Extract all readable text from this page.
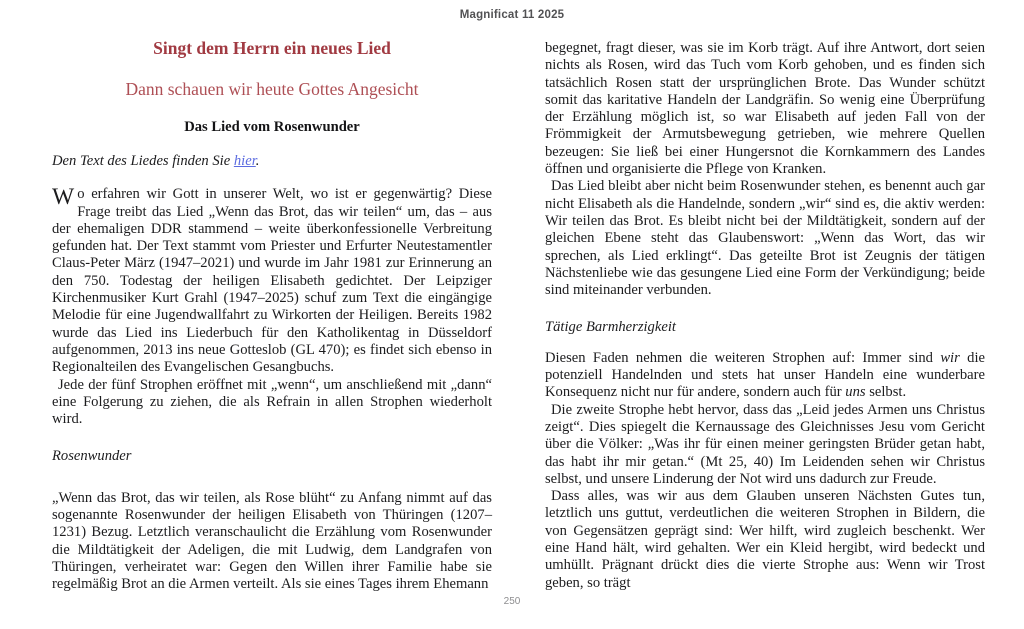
Magnificat 11 2025
Singt dem Herrn ein neues Lied
Dann schauen wir heute Gottes Angesicht
Das Lied vom Rosenwunder

Den Text des Liedes finden Sie hier.

Wo erfahren wir Gott in unserer Welt, wo ist er gegenwärtig? Diese Frage treibt das Lied „Wenn das Brot, das wir teilen“ um, das – aus der ehemaligen DDR stammend – weite überkonfessionelle Verbreitung gefunden hat. Der Text stammt vom Priester und Erfurter Neutestamentler Claus-Peter März (1947–2021) und wurde im Jahr 1981 zur Erinnerung an den 750. Todestag der heiligen Elisabeth gedichtet. Der Leipziger Kirchenmusiker Kurt Grahl (1947–2025) schuf zum Text die eingängige Melodie für eine Jugendwallfahrt zu Wirkorten der Heiligen. Bereits 1982 wurde das Lied ins Liederbuch für den Katholikentag in Düsseldorf aufgenommen, 2013 ins neue Gotteslob (GL 470); es findet sich ebenso in Regionalteilen des Evangelischen Gesangbuchs.

Jede der fünf Strophen eröffnet mit „wenn“, um anschließend mit „dann“ eine Folgerung zu ziehen, die als Refrain in allen Strophen wiederholt wird.

Rosenwunder

„Wenn das Brot, das wir teilen, als Rose blüht“ zu Anfang nimmt auf das sogenannte Rosenwunder der heiligen Elisabeth von Thüringen (1207–1231) Bezug. Letztlich veranschaulicht die Erzählung vom Rosenwunder die Mildtätigkeit der Adeligen, die mit Ludwig, dem Landgrafen von Thüringen, verheiratet war: Gegen den Willen ihrer Familie habe sie regelmäßig Brot an die Armen verteilt. Als sie eines Tages ihrem Ehemann

begegnet, fragt dieser, was sie im Korb trägt. Auf ihre Antwort, dort seien nichts als Rosen, wird das Tuch vom Korb gehoben, und es finden sich tatsächlich Rosen statt der ursprünglichen Brote. Das Wunder schützt somit das karitative Handeln der Landgräfin. So wenig eine Überprüfung der Erzählung möglich ist, so war Elisabeth auf jeden Fall von der Frömmigkeit der Armutsbewegung getrieben, wie mehrere Quellen bezeugen: Sie ließ bei einer Hungersnot die Kornkammern des Landes öffnen und organisierte die Pflege von Kranken.

Das Lied bleibt aber nicht beim Rosenwunder stehen, es benennt auch gar nicht Elisabeth als die Handelnde, sondern „wir“ sind es, die aktiv werden: Wir teilen das Brot. Es bleibt nicht bei der Mildtätigkeit, sondern auf der gleichen Ebene steht das Glaubenswort: „Wenn das Wort, das wir sprechen, als Lied erklingt“. Das geteilte Brot ist Zeugnis der tätigen Nächstenliebe wie das gesungene Lied eine Form der Verkündigung; beide sind miteinander verbunden.

Tätige Barmherzigkeit

Diesen Faden nehmen die weiteren Strophen auf: Immer sind wir die potenziell Handelnden und stets hat unser Handeln eine wunderbare Konsequenz nicht nur für andere, sondern auch für uns selbst.

Die zweite Strophe hebt hervor, dass das „Leid jedes Armen uns Christus zeigt“. Dies spiegelt die Kernaussage des Gleichnisses Jesu vom Gericht über die Völker: „Was ihr für einen meiner geringsten Brüder getan habt, das habt ihr mir getan.“ (Mt 25, 40) Im Leidenden sehen wir Christus selbst, und unsere Linderung der Not wird uns dadurch zur Freude.

Dass alles, was wir aus dem Glauben unseren Nächsten Gutes tun, letztlich uns guttut, verdeutlichen die weiteren Strophen in Bildern, die von Gegensätzen geprägt sind: Wer hilft, wird zugleich beschenkt. Wer eine Hand hält, wird gehalten. Wer ein Kleid hergibt, wird bedeckt und umhüllt. Prägnant drückt dies die vierte Strophe aus: Wenn wir Trost geben, so trägt

250
